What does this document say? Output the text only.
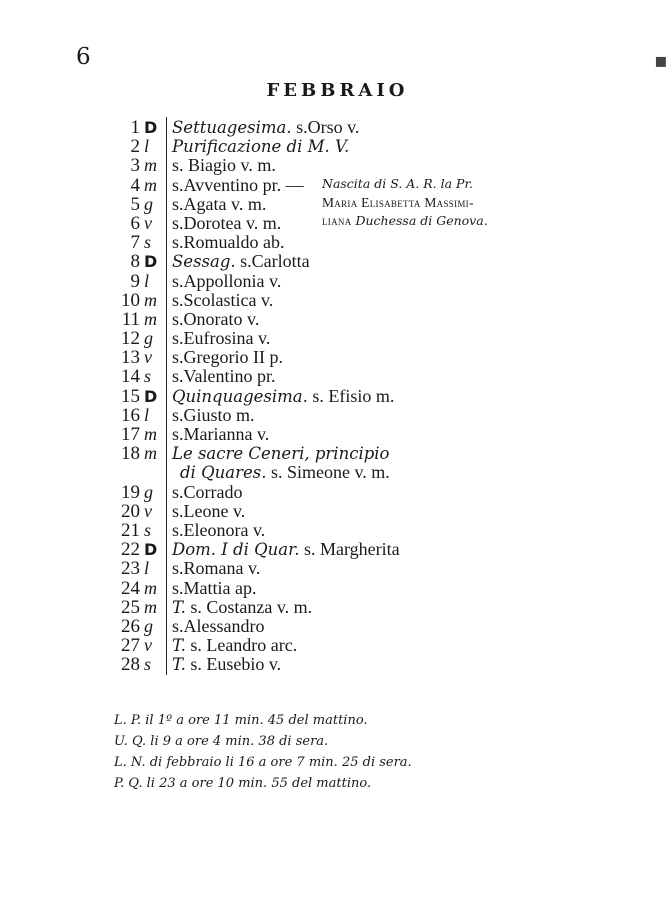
6
FEBBRAIO
1 D Settuagesima. s.Orso v.
2 l	Purificazione di M. V.
3 m s. Biagio v. m.
4 m s.Avventino pr. —
5 g	s.Agata v. m.
6 v	s.Dorotea v. m.
7 s	s.Romualdo ab.
8 D Sessag. s.Carlotta
9 l	s.Appollonia v.
10 m s.Scolastica v.
11 m s.Onorato v.
12 g	s.Eufrosina v.
13 v	s.Gregorio II p.
14 s	s.Valentino pr.
15 D Quinquagesima. s. Efisio m.
16 l	s.Giusto m.
17 m s.Marianna v.
18 m Le sacre Ceneri, principio
di Quares. s. Simeone v. m.
19 g	s.Corrado
20 v	s.Leone v.
21 s	s.Eleonora v.
22 D Dom. I di Quar. s. Margherita
23 l	s.Romana v.
24 m s.Mattia ap.
25 m T. s. Costanza v. m.
26 g	s.Alessandro
27 v	T. s. Leandro arc.
28 s	T. s. Eusebio v.
Nascita di S. A. R. la Pr.
Maria Elisabetta Massimi-
liana Duchessa di Genova.
L. P. il 1º a ore 11 min. 45 del mattino.
U. Q. li 9 a ore 4 min. 38 di sera.
L. N. di febbraio li 16 a ore 7 min. 25 di sera.
P. Q. li 23 a ore 10 min. 55 del mattino.
▪
